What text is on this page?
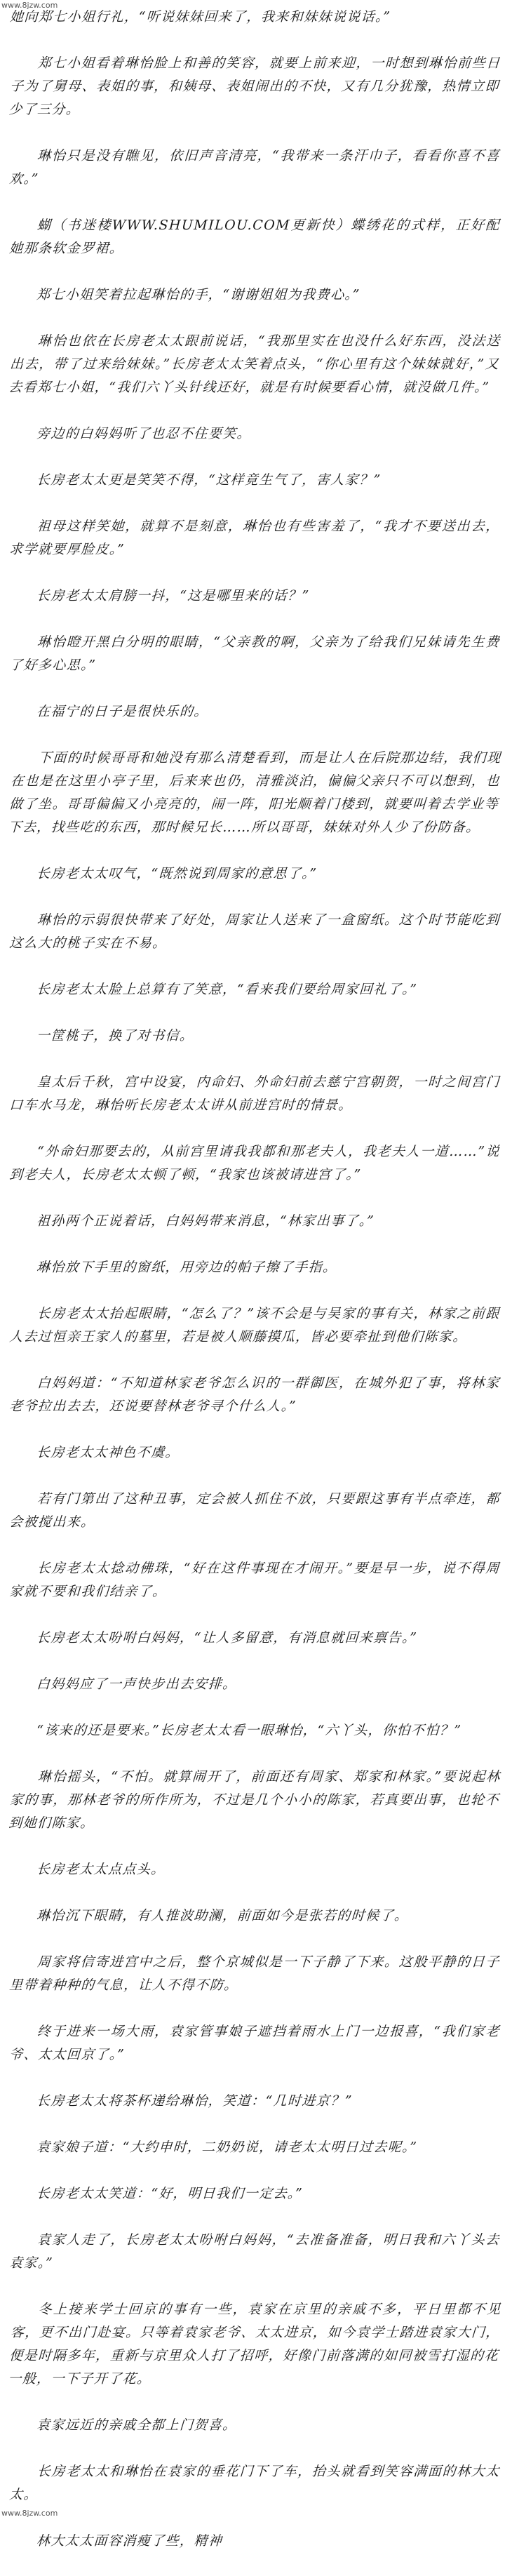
www.8jzw.com

她向郑七小姐行礼，“听说妹妹回来了，我来和妹妹说说话。”

郑七小姐看着琳怡脸上和善的笑容，就要上前来迎，一时想到琳怡前些日子为了舅母、表姐的事，和姨母、表姐闹出的不快，又有几分犹豫，热情立即少了三分。

琳怡只是没有瞧见，依旧声音清亮，“我带来一条汗巾子，看看你喜不喜欢。”

蝴（书迷楼WWW.SHUMILOU.COM更新快）蝶绣花的式样，正好配她那条软金罗裙。

郑七小姐笑着拉起琳怡的手，“谢谢姐姐为我费心。”

琳怡也依在长房老太太跟前说话，“我那里实在也没什么好东西，没法送出去，带了过来给妹妹。”长房老太太笑着点头，“你心里有这个妹妹就好，”又去看郑七小姐，“我们六丫头针线还好，就是有时候要看心情，就没做几件。”

旁边的白妈妈听了也忍不住要笑。

长房老太太更是笑笑不得，“这样竟生气了，害人家？”

祖母这样笑她，就算不是刻意，琳怡也有些害羞了，“我才不要送出去，求学就要厚脸皮。”

长房老太太肩膀一抖，“这是哪里来的话？”

琳怡瞪开黑白分明的眼睛，“父亲教的啊，父亲为了给我们兄妹请先生费了好多心思。”

在福宁的日子是很快乐的。

下面的时候哥哥和她没有那么清楚看到，而是让人在后院那边结，我们现在也是在这里小亭子里，后来来也仍，清雅淡泊，偏偏父亲只不可以想到，也做了坐。哥哥偏偏又小亮亮的，闹一阵，阳光顺着门楼到，就要叫着去学业等下去，找些吃的东西，那时候兄长……所以哥哥，妹妹对外人少了份防备。

长房老太太叹气，“既然说到周家的意思了。”

琳怡的示弱很快带来了好处，周家让人送来了一盒窗纸。这个时节能吃到这么大的桃子实在不易。

长房老太太脸上总算有了笑意，“看来我们要给周家回礼了。”

一筐桃子，换了对书信。

皇太后千秋，宫中设宴，内命妇、外命妇前去慈宁宫朝贺，一时之间宫门口车水马龙，琳怡听长房老太太讲从前进宫时的情景。

“外命妇那要去的，从前宫里请我我都和那老夫人，我老夫人一道……”说到老夫人，长房老太太顿了顿，“我家也该被请进宫了。”

祖孙两个正说着话，白妈妈带来消息，“林家出事了。”

琳怡放下手里的窗纸，用旁边的帕子擦了手指。

长房老太太抬起眼睛，“怎么了？”该不会是与吴家的事有关，林家之前跟人去过恒亲王家人的墓里，若是被人顺藤摸瓜，皆必要牵扯到他们陈家。

白妈妈道：“不知道林家老爷怎么识的一群御医，在城外犯了事，将林家老爷拉出去去，还说要替林老爷寻个什么人。”

长房老太太神色不虞。

若有门第出了这种丑事，定会被人抓住不放，只要跟这事有半点牵连，都会被搅出来。

长房老太太捻动佛珠，“好在这件事现在才闹开。”要是早一步，说不得周家就不要和我们结亲了。

长房老太太吩咐白妈妈，“让人多留意，有消息就回来禀告。”

白妈妈应了一声快步出去安排。

“该来的还是要来。”长房老太太看一眼琳怡，“六丫头，你怕不怕？”

琳怡摇头，“不怕。就算闹开了，前面还有周家、郑家和林家。”要说起林家的事，那林老爷的所作所为，不过是几个小小的陈家，若真要出事，也轮不到她们陈家。

长房老太太点点头。

琳怡沉下眼睛，有人推波助澜，前面如今是张若的时候了。

周家将信寄进宫中之后，整个京城似是一下子静了下来。这般平静的日子里带着种种的气息，让人不得不防。

终于进来一场大雨，袁家管事娘子遮挡着雨水上门一边报喜，“我们家老爷、太太回京了。”

长房老太太将茶杯递给琳怡，笑道：“几时进京？”

袁家娘子道：“大约申时，二奶奶说，请老太太明日过去呢。”

长房老太太笑道：“好，明日我们一定去。”

袁家人走了，长房老太太吩咐白妈妈，“去准备准备，明日我和六丫头去袁家。”

冬上接来学士回京的事有一些，袁家在京里的亲戚不多，平日里都不见客，更不出门赴宴。只等着袁家老爷、太太进京，如今袁学士踏进袁家大门，便是时隔多年，重新与京里众人打了招呼，好像门前落满的如同被雪打湿的花一般，一下子开了花。

袁家远近的亲戚全都上门贺喜。

长房老太太和琳怡在袁家的垂花门下了车，抬头就看到笑容满面的林大太太。

林大太太面容消瘦了些，精神

www.8jzw.com
